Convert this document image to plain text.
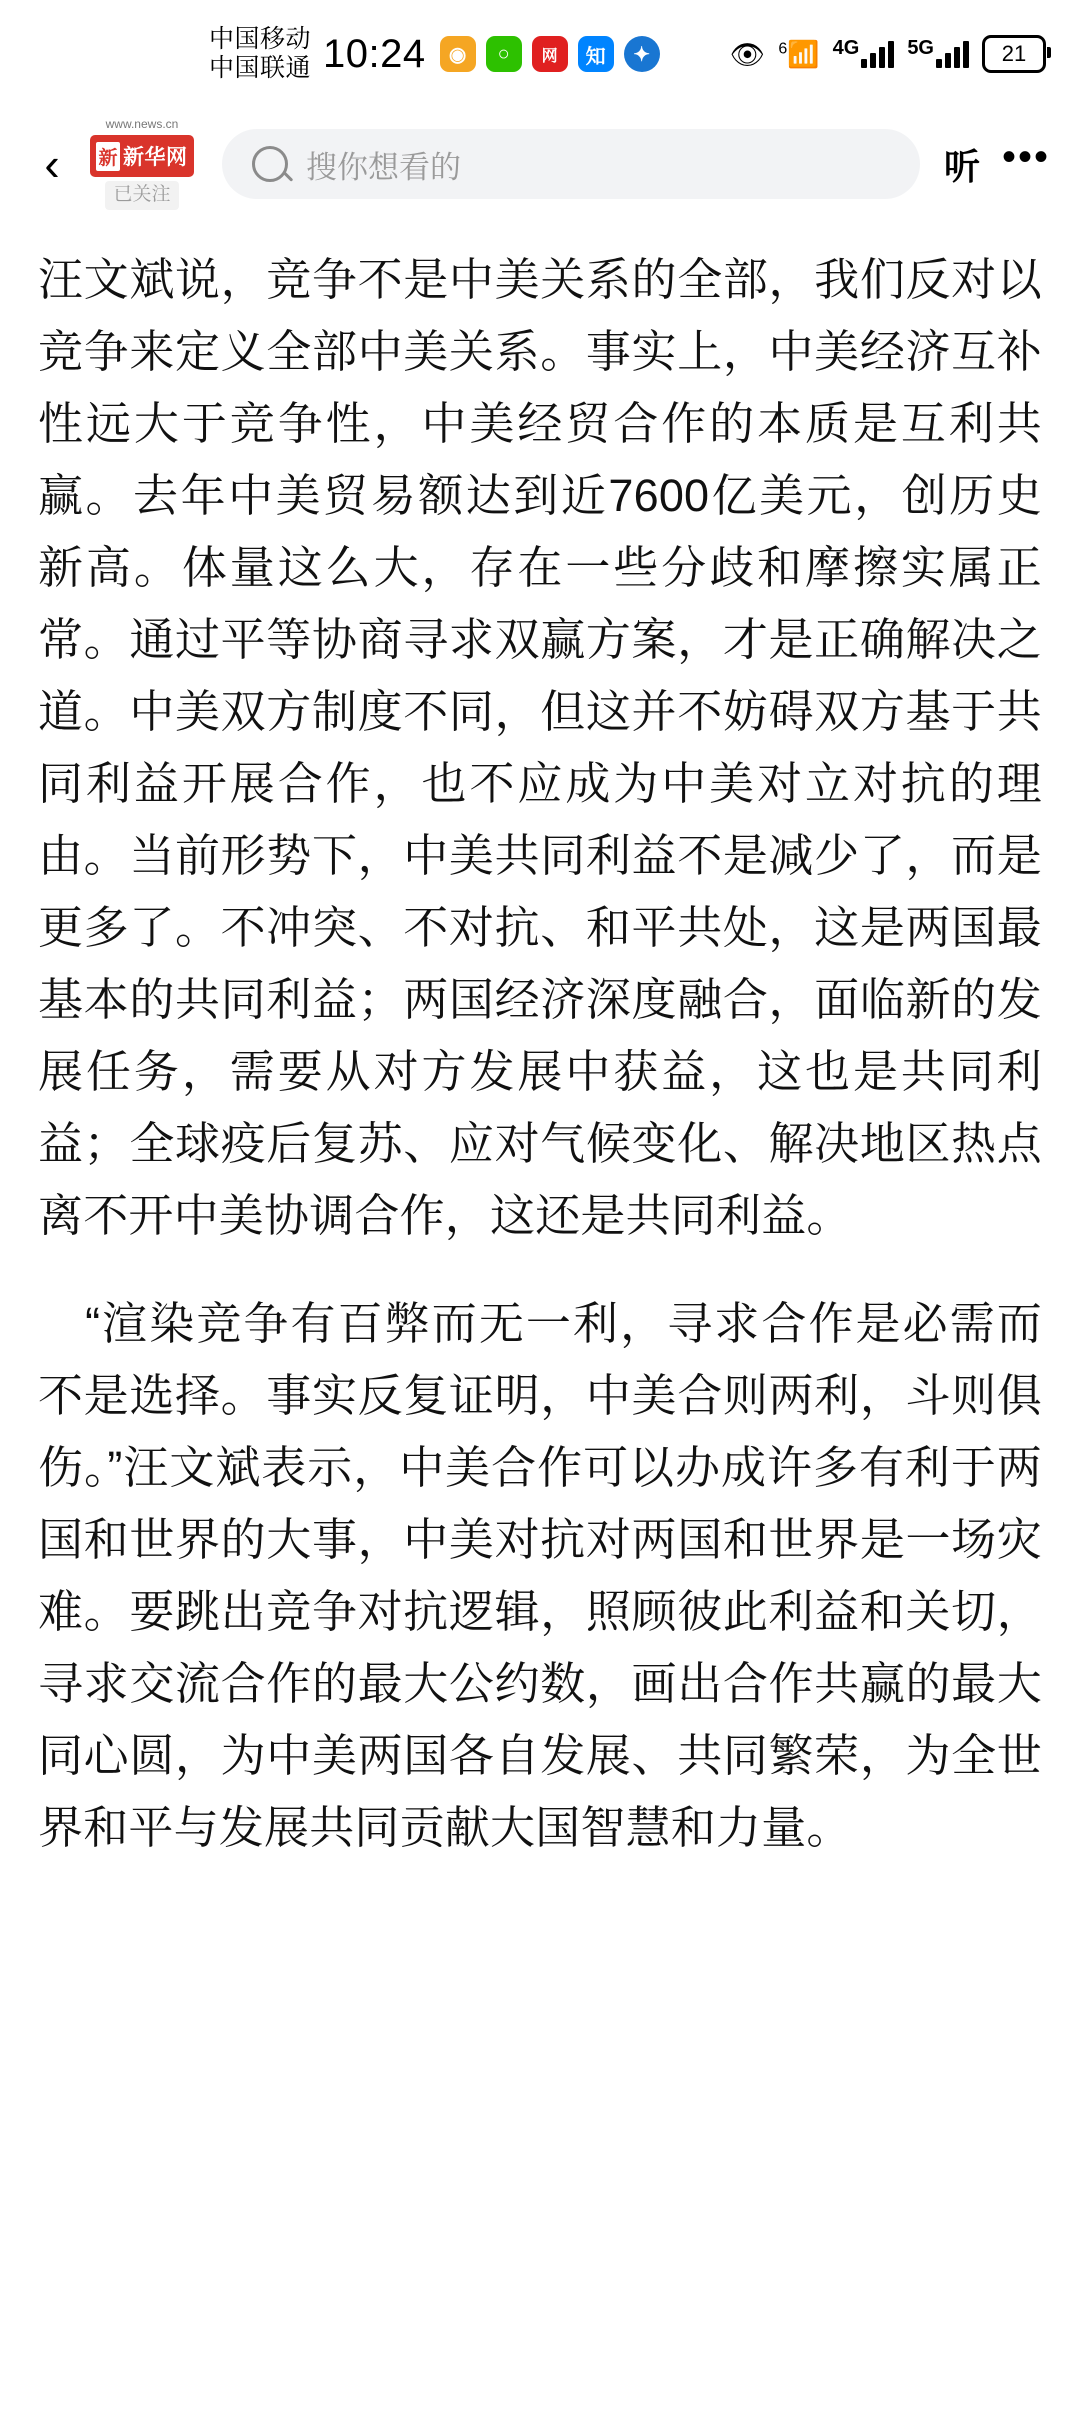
中国移动
中国联通 10:24	◉	○	网	知	✦	👁 $^6$📶 4G 5G	21
‹
www.news.cn
新 新华网
已关注
搜你想看的	听 •••

汪文斌说，竞争不是中美关系的全部，我们反对以竞争来定义全部中美关系。事实上，中美经济互补性远大于竞争性，中美经贸合作的本质是互利共赢。去年中美贸易额达到近7600亿美元，创历史新高。体量这么大，存在一些分歧和摩擦实属正常。通过平等协商寻求双赢方案，才是正确解决之道。中美双方制度不同，但这并不妨碍双方基于共同利益开展合作，也不应成为中美对立对抗的理由。当前形势下，中美共同利益不是减少了，而是更多了。不冲突、不对抗、和平共处，这是两国最基本的共同利益；两国经济深度融合，面临新的发展任务，需要从对方发展中获益，这也是共同利益；全球疫后复苏、应对气候变化、解决地区热点离不开中美协调合作，这还是共同利益。

　“渲染竞争有百弊而无一利，寻求合作是必需而不是选择。事实反复证明，中美合则两利，斗则俱伤。”汪文斌表示，中美合作可以办成许多有利于两国和世界的大事，中美对抗对两国和世界是一场灾难。要跳出竞争对抗逻辑，照顾彼此利益和关切，寻求交流合作的最大公约数，画出合作共赢的最大同心圆，为中美两国各自发展、共同繁荣，为全世界和平与发展共同贡献大国智慧和力量。
